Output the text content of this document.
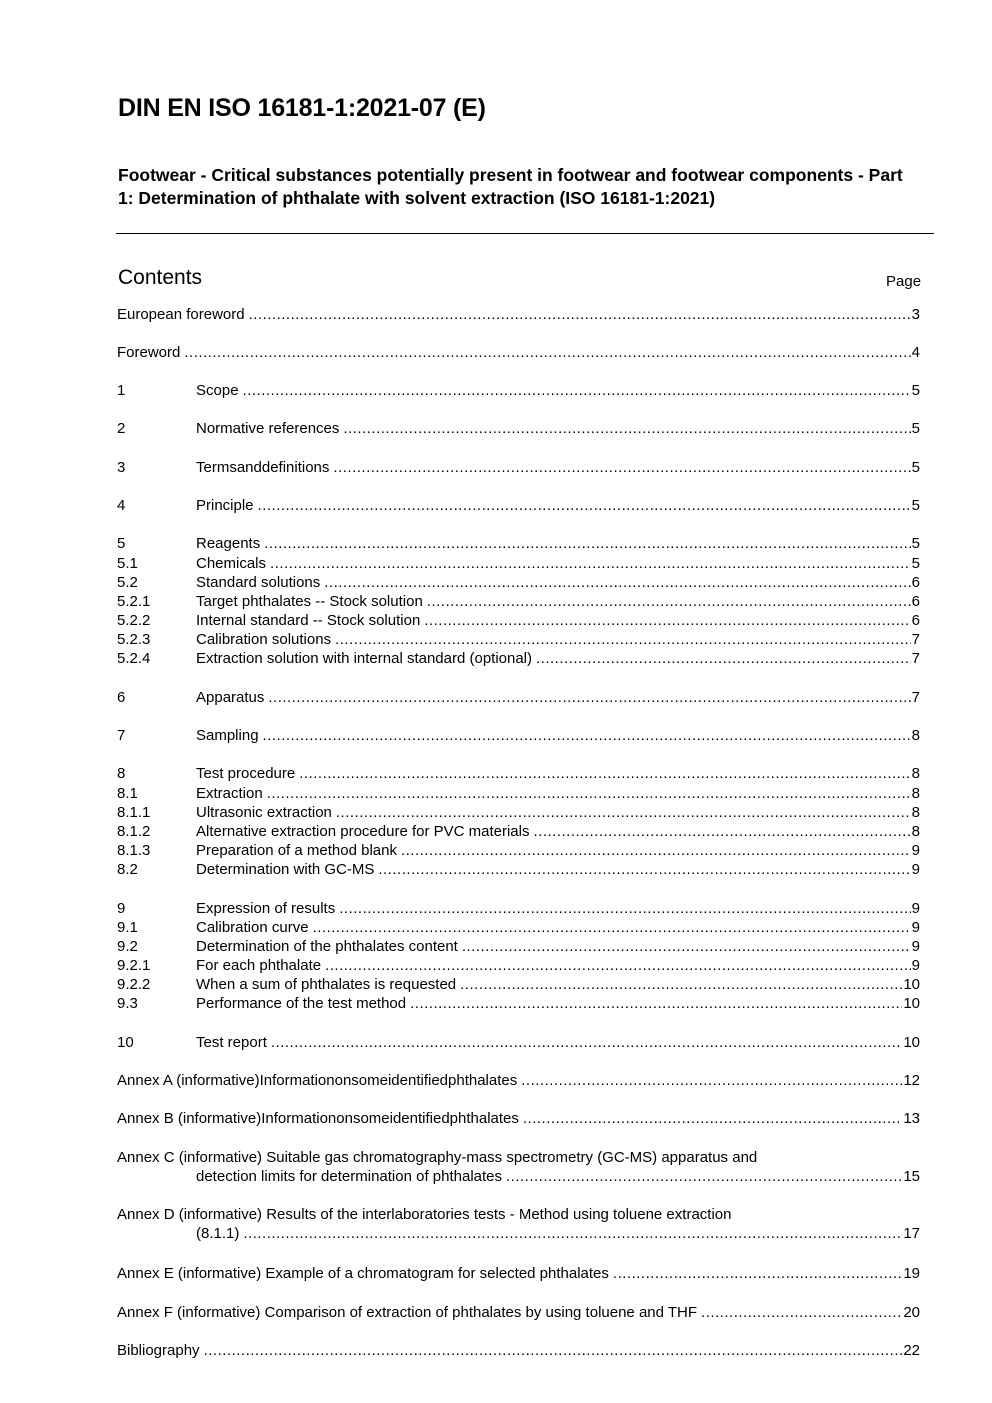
DIN EN ISO 16181-1:2021-07 (E)
Footwear - Critical substances potentially present in footwear and footwear components - Part 1: Determination of phthalate with solvent extraction (ISO 16181-1:2021)
Contents	Page
European foreword .....	3
Foreword .....	4
1	Scope .....	5
2	Normative references .....	5
3	Termsanddefinitions .....	5
4	Principle .....	5
5	Reagents .....	5
5.1	Chemicals .....	5
5.2	Standard solutions .....	6
5.2.1	Target phthalates -- Stock solution .....	6
5.2.2	Internal standard -- Stock solution .....	6
5.2.3	Calibration solutions .....	7
5.2.4	Extraction solution with internal standard (optional) .....	7
6	Apparatus .....	7
7	Sampling .....	8
8	Test procedure .....	8
8.1	Extraction .....	8
8.1.1	Ultrasonic extraction .....	8
8.1.2	Alternative extraction procedure for PVC materials .....	8
8.1.3	Preparation of a method blank .....	9
8.2	Determination with GC-MS .....	9
9	Expression of results .....	9
9.1	Calibration curve .....	9
9.2	Determination of the phthalates content .....	9
9.2.1	For each phthalate .....	9
9.2.2	When a sum of phthalates is requested .....	10
9.3	Performance of the test method .....	10
10	Test report .....	10
Annex A (informative)Informationonsomeidentifiedphthalates .....	12
Annex B (informative)Informationonsomeidentifiedphthalates .....	13
Annex C (informative) Suitable gas chromatography-mass spectrometry (GC-MS) apparatus and
detection limits for determination of phthalates .....	15
Annex D (informative) Results of the interlaboratories tests - Method using toluene extraction
(8.1.1) .....	17
Annex E (informative) Example of a chromatogram for selected phthalates .....	19
Annex F (informative) Comparison of extraction of phthalates by using toluene and THF .....	20
Bibliography .....	22
